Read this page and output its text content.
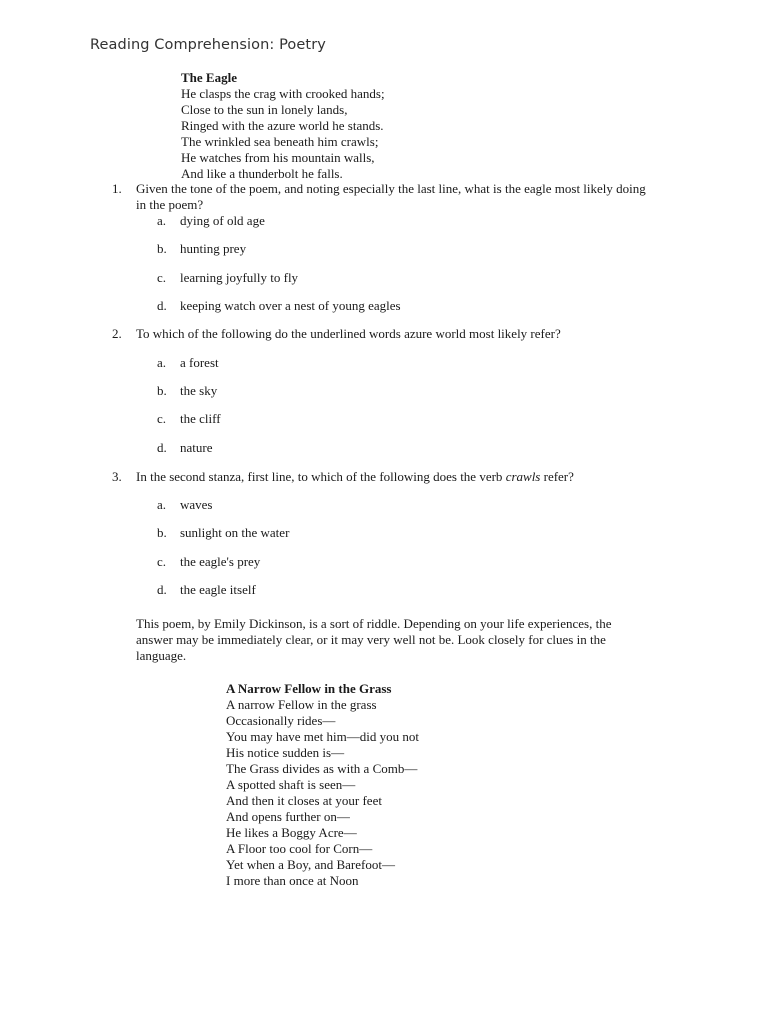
Reading Comprehension: Poetry
The Eagle
He clasps the crag with crooked hands;
Close to the sun in lonely lands,
Ringed with the azure world he stands.
The wrinkled sea beneath him crawls;
He watches from his mountain walls,
And like a thunderbolt he falls.
1. Given the tone of the poem, and noting especially the last line, what is the eagle most likely doing
in the poem?
a. dying of old age
b. hunting prey
c. learning joyfully to fly
d. keeping watch over a nest of young eagles
2. To which of the following do the underlined words azure world most likely refer?
a. a forest
b. the sky
c. the cliff
d. nature
3. In the second stanza, first line, to which of the following does the verb crawls refer?
a. waves
b. sunlight on the water
c. the eagle's prey
d. the eagle itself
This poem, by Emily Dickinson, is a sort of riddle. Depending on your life experiences, the
answer may be immediately clear, or it may very well not be. Look closely for clues in the
language.
A Narrow Fellow in the Grass
A narrow Fellow in the grass
Occasionally rides—
You may have met him—did you not
His notice sudden is—
The Grass divides as with a Comb—
A spotted shaft is seen—
And then it closes at your feet
And opens further on—
He likes a Boggy Acre—
A Floor too cool for Corn—
Yet when a Boy, and Barefoot—
I more than once at Noon
